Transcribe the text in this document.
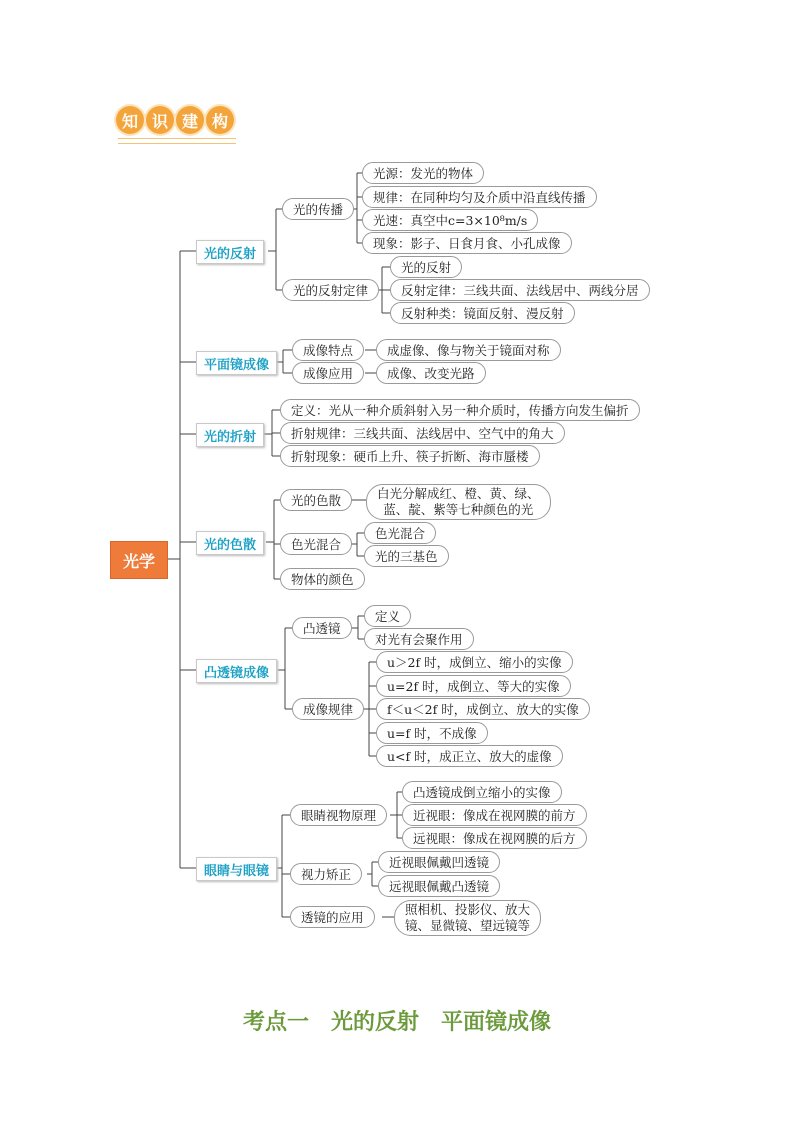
知 识 建 构
光学
光的反射
平面镜成像
光的折射
光的色散
凸透镜成像
眼睛与眼镜
光的传播
光源：发光的物体
规律：在同种均匀及介质中沿直线传播
光速：真空中c=3×10⁸m/s
现象：影子、日食月食、小孔成像
光的反射定律
光的反射
反射定律：三线共面、法线居中、两线分居
反射种类：镜面反射、漫反射
成像特点	成虚像、像与物关于镜面对称
成像应用	成像、改变光路
定义：光从一种介质斜射入另一种介质时，传播方向发生偏折
折射规律：三线共面、法线居中、空气中的角大
折射现象：硬币上升、筷子折断、海市蜃楼
光的色散	白光分解成红、橙、黄、绿、
蓝、靛、紫等七种颜色的光
色光混合
色光混合
光的三基色
物体的颜色
凸透镜
定义
对光有会聚作用
成像规律
u＞2f 时，成倒立、缩小的实像
u=2f 时，成倒立、等大的实像
f＜u＜2f 时，成倒立、放大的实像
u=f 时，不成像
u<f 时，成正立、放大的虚像
眼睛视物原理
凸透镜成倒立缩小的实像
近视眼：像成在视网膜的前方
远视眼：像成在视网膜的后方
视力矫正
近视眼佩戴凹透镜
远视眼佩戴凸透镜
透镜的应用
照相机、投影仪、放大
镜、显微镜、望远镜等
考点一　光的反射　平面镜成像
